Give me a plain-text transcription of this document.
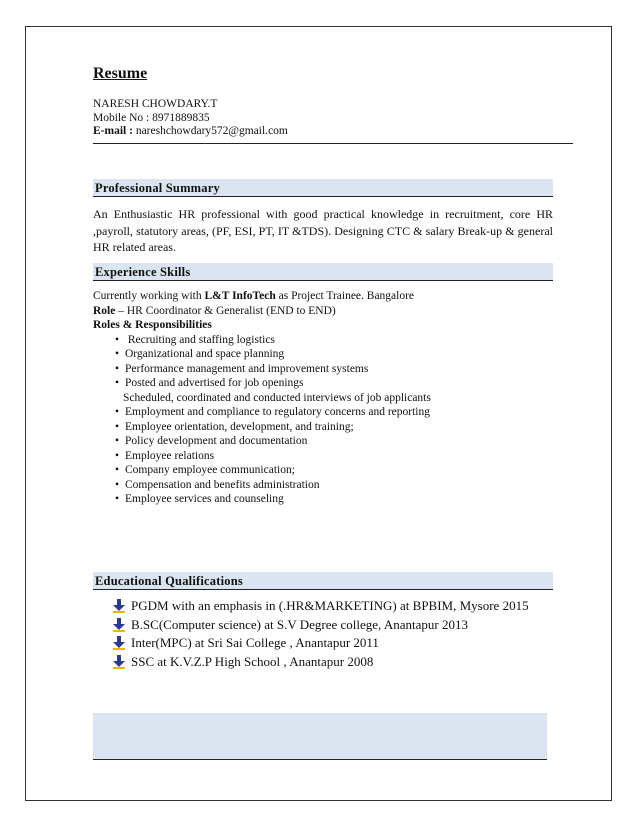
Resume
NARESH CHOWDARY.T
Mobile No : 8971889835
E-mail : nareshchowdary572@gmail.com
Professional Summary
An Enthusiastic HR professional with good practical knowledge in recruitment, core HR ,payroll, statutory areas, (PF, ESI, PT, IT &TDS). Designing CTC & salary Break-up & general HR related areas.
Experience Skills
Currently working with L&T InfoTech as Project Trainee. Bangalore
Role – HR Coordinator & Generalist (END to END)
Roles & Responsibilities
• Recruiting and staffing logistics
• Organizational and space planning
• Performance management and improvement systems
• Posted and advertised for job openings
Scheduled, coordinated and conducted interviews of job applicants
• Employment and compliance to regulatory concerns and reporting
• Employee orientation, development, and training;
• Policy development and documentation
• Employee relations
• Company employee communication;
• Compensation and benefits administration
• Employee services and counseling
Educational Qualifications
PGDM with an emphasis in (.HR&MARKETING) at BPBIM, Mysore 2015
B.SC(Computer science) at S.V Degree college, Anantapur 2013
Inter(MPC) at Sri Sai College , Anantapur 2011
SSC at K.V.Z.P High School , Anantapur 2008
